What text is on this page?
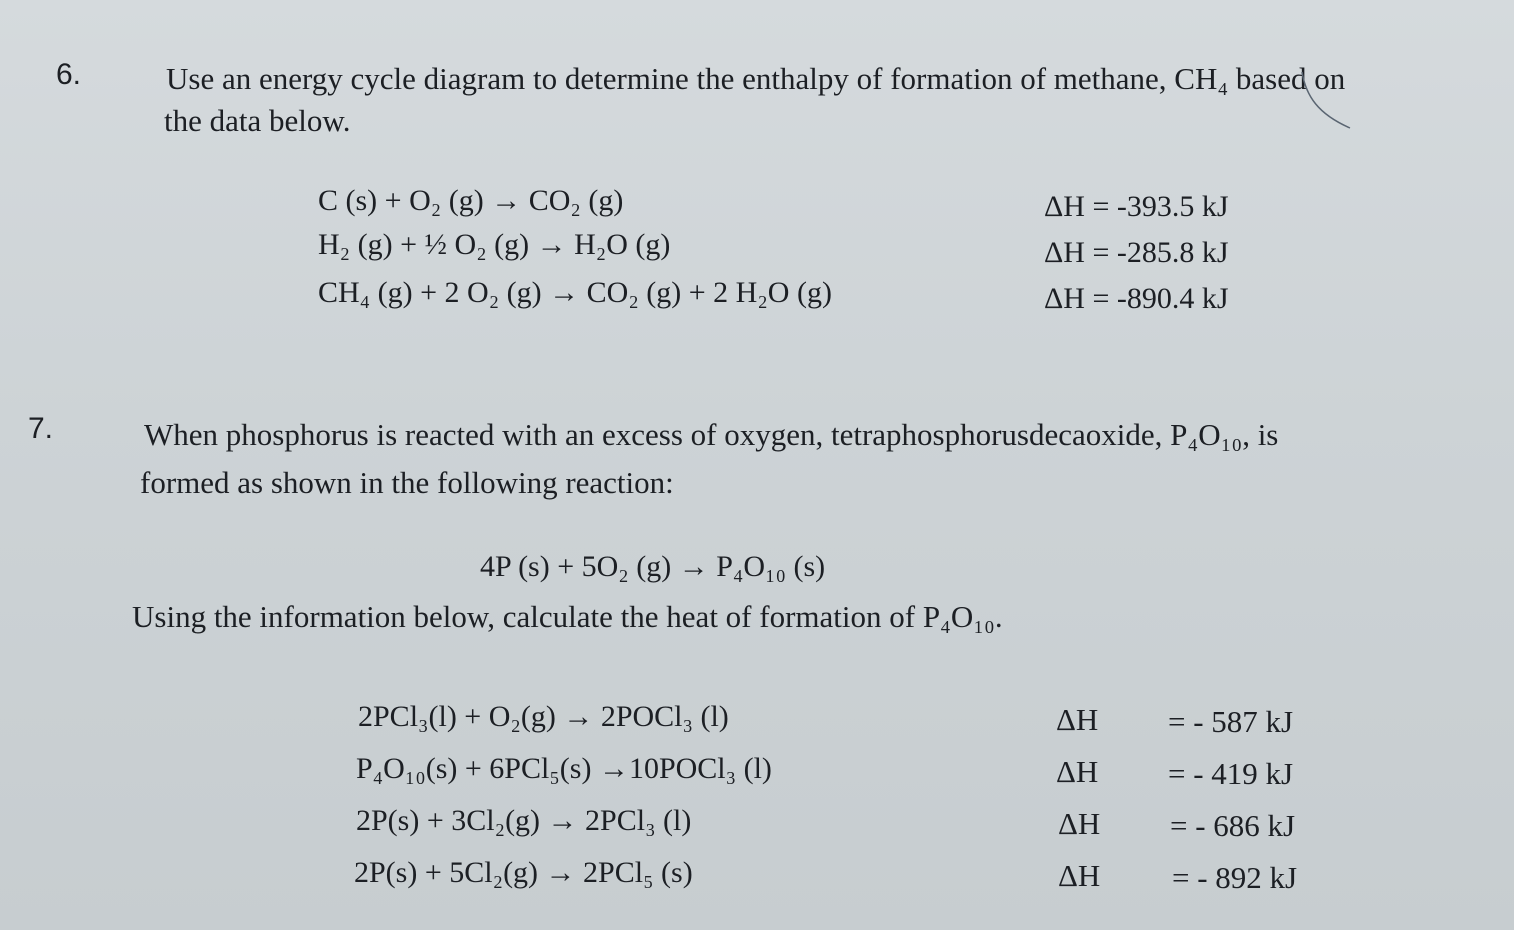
6.	Use an energy cycle diagram to determine the enthalpy of formation of methane, CH₄ based on
the data below.
C (s) + O₂ (g) → CO₂ (g)	ΔH = -393.5 kJ
H₂ (g) + ½ O₂ (g) → H₂O (g)	ΔH = -285.8 kJ
CH₄ (g) + 2 O₂ (g) → CO₂ (g) + 2 H₂O (g)	ΔH = -890.4 kJ
7.	When phosphorus is reacted with an excess of oxygen, tetraphosphorusdecaoxide, P₄O₁₀, is
formed as shown in the following reaction:
4P (s) + 5O₂ (g) → P₄O₁₀ (s)
Using the information below, calculate the heat of formation of P₄O₁₀.
2PCl₃(l) + O₂(g) → 2POCl₃ (l)	ΔH = - 587 kJ
P₄O₁₀(s) + 6PCl₅(s) →10POCl₃ (l)	ΔH = - 419 kJ
2P(s) + 3Cl₂(g) → 2PCl₃ (l)	ΔH = - 686 kJ
2P(s) + 5Cl₂(g) → 2PCl₅ (s)	ΔH = - 892 kJ
